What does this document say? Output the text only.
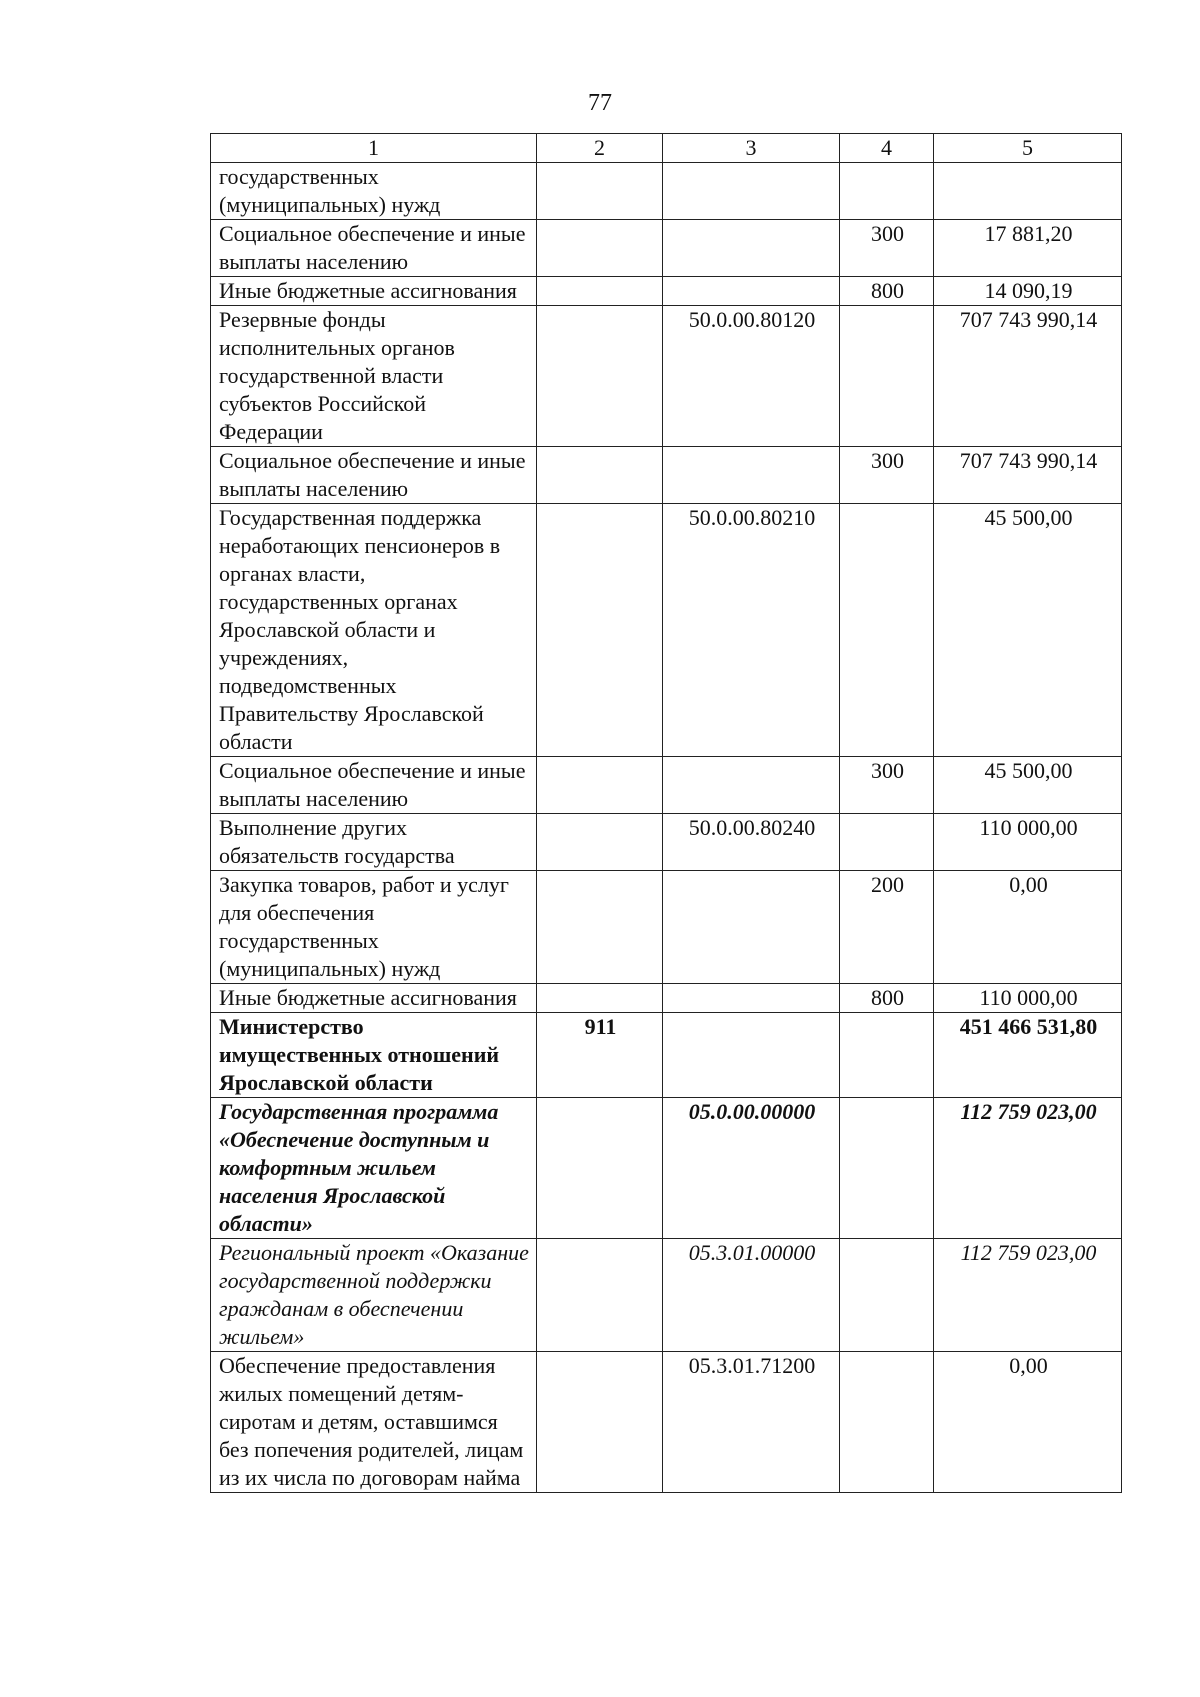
77
1	2	3	4	5
государственных (муниципальных) нужд				
Социальное обеспечение и иные выплаты населению			300	17 881,20
Иные бюджетные ассигнования			800	14 090,19
Резервные фонды исполнительных органов государственной власти субъектов Российской Федерации		50.0.00.80120		707 743 990,14
Социальное обеспечение и иные выплаты населению			300	707 743 990,14
Государственная поддержка неработающих пенсионеров в органах власти, государственных органах Ярославской области и учреждениях, подведомственных Правительству Ярославской области		50.0.00.80210		45 500,00
Социальное обеспечение и иные выплаты населению			300	45 500,00
Выполнение других обязательств государства		50.0.00.80240		110 000,00
Закупка товаров, работ и услуг для обеспечения государственных (муниципальных) нужд			200	0,00
Иные бюджетные ассигнования			800	110 000,00
Министерство имущественных отношений Ярославской области	911			451 466 531,80
Государственная программа «Обеспечение доступным и комфортным жильем населения Ярославской области»		05.0.00.00000		112 759 023,00
Региональный проект «Оказание государственной поддержки гражданам в обеспечении жильем»		05.3.01.00000		112 759 023,00
Обеспечение предоставления жилых помещений детям-сиротам и детям, оставшимся без попечения родителей, лицам из их числа по договорам найма		05.3.01.71200		0,00
